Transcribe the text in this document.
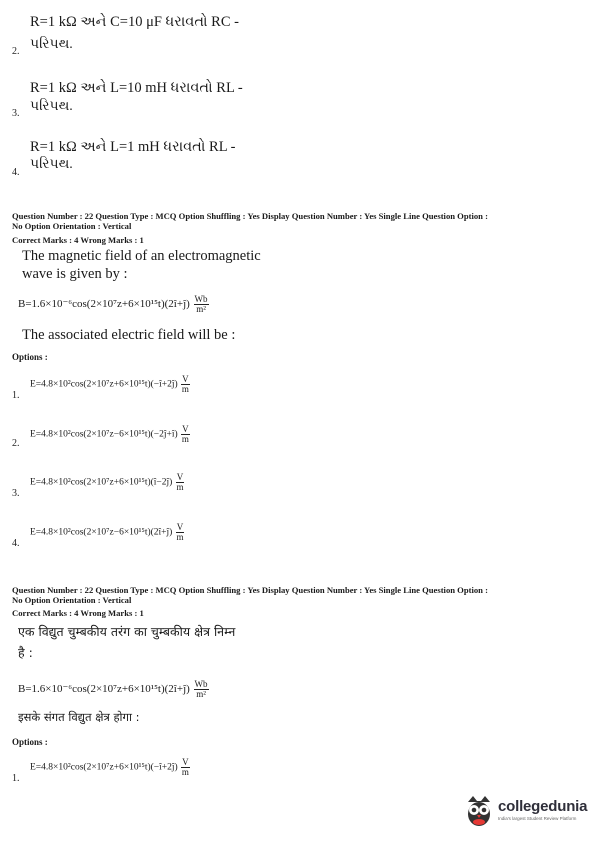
R=1 kΩ અને C=10 μF ધરાવતો RC -
પરિપથ.
2.
R=1 kΩ અને L=10 mH ધરાવતો RL -
પરિપથ.
3.
R=1 kΩ અને L=1 mH ધરાવતો RL -
પરિપથ.
4.
Question Number : 22 Question Type : MCQ Option Shuffling : Yes Display Question Number : Yes Single Line Question Option :
No Option Orientation : Vertical
Correct Marks : 4 Wrong Marks : 1
The magnetic field of an electromagnetic
wave is given by :
B=1.6×10⁻⁶cos(2×10⁷z+6×10¹⁵t)(2î+ĵ) $\frac{Wb}{\text{m²}}$
The associated electric field will be :
Options :
E=4.8×10²cos(2×10⁷z+6×10¹⁵t)(−î+2ĵ) $\frac{V}{m}$
1.
E=4.8×10²cos(2×10⁷z−6×10¹⁵t)(−2ĵ+î) $\frac{V}{m}$
2.
E=4.8×10²cos(2×10⁷z+6×10¹⁵t)(î−2ĵ) $\frac{V}{m}$
3.
E=4.8×10²cos(2×10⁷z−6×10¹⁵t)(2î+ĵ) $\frac{V}{m}$
4.
Question Number : 22 Question Type : MCQ Option Shuffling : Yes Display Question Number : Yes Single Line Question Option :
No Option Orientation : Vertical
Correct Marks : 4 Wrong Marks : 1
एक विद्युत चुम्बकीय तरंग का चुम्बकीय क्षेत्र निम्न
है :
B=1.6×10⁻⁶cos(2×10⁷z+6×10¹⁵t)(2î+ĵ) $\frac{Wb}{\text{m²}}$
इसके संगत विद्युत क्षेत्र होगा :
Options :
E=4.8×10²cos(2×10⁷z+6×10¹⁵t)(−î+2ĵ) $\frac{V}{m}$
1.
collegedunia
India's largest Student Review Platform
